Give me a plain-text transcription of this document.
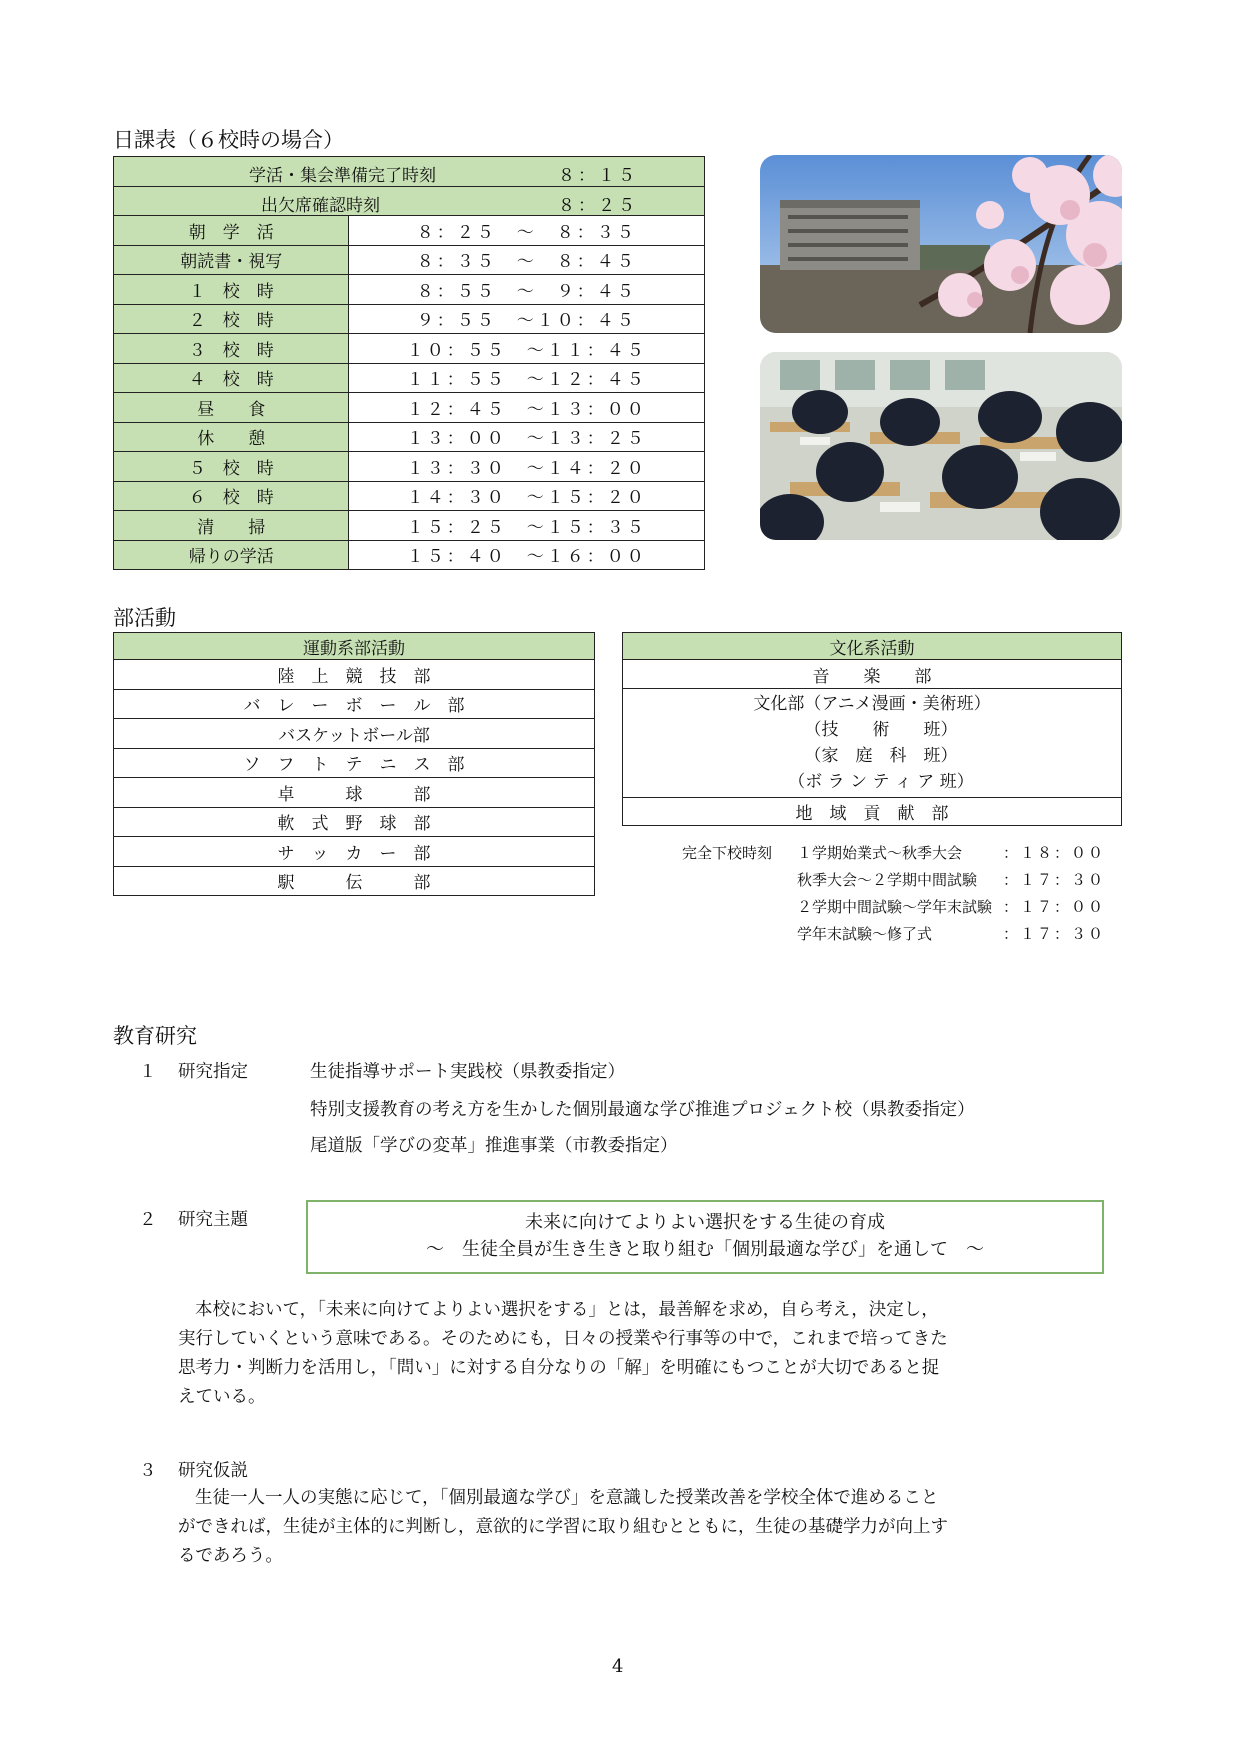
日課表（６校時の場合）
学活・集会準備完了時刻 ８：１５	

出欠席確認時刻 ８：２５	

朝　学　活	８：２５　～　８：３５
朝読書・視写	８：３５　～　８：４５
１　校　時	８：５５　～　９：４５
２　校　時	９：５５　～１０：４５
３　校　時	１０：５５　～１１：４５
４　校　時	１１：５５　～１２：４５
昼　　食	１２：４５　～１３：００
休　　憩	１３：００　～１３：２５
５　校　時	１３：３０　～１４：２０
６　校　時	１４：３０　～１５：２０
清　　掃	１５：２５　～１５：３５
帰りの学活	１５：４０　～１６：００
部活動
運動系部活動
陸　上　競　技　部
バ　レ　ー　ボ　ー　ル　部
バスケットボール部
ソ　フ　ト　テ　ニ　ス　部
卓　　　球　　　部
軟　式　野　球　部
サ　ッ　カ　ー　部
駅　　　伝　　　部
文化系活動
音　　楽　　部

文化部（アニメ漫画・美術班）
（技　　術　　班）
（家　庭　科　班）
（ボ ラ ン テ ィ ア 班）

地　域　貢　献　部
完全下校時刻 １学期始業式～秋季大会	：１８：００
秋季大会～２学期中間試験 ：１７：３０
２学期中間試験～学年末試験 ：１７：００
学年末試験～修了式	：１７：３０
教育研究
１ 研究指定	生徒指導サポート実践校（県教委指定）
特別支援教育の考え方を生かした個別最適な学び推進プロジェクト校（県教委指定）
尾道版「学びの変革」推進事業（市教委指定）
２ 研究主題	未来に向けてよりよい選択をする生徒の育成
～　生徒全員が生き生きと取り組む「個別最適な学び」を通して　～
本校において，「未来に向けてよりよい選択をする」とは，最善解を求め，自ら考え，決定し，
実行していくという意味である。そのためにも，日々の授業や行事等の中で，これまで培ってきた
思考力・判断力を活用し，「問い」に対する自分なりの「解」を明確にもつことが大切であると捉
えている。
３ 研究仮説
生徒一人一人の実態に応じて，「個別最適な学び」を意識した授業改善を学校全体で進めること
ができれば，生徒が主体的に判断し，意欲的に学習に取り組むとともに，生徒の基礎学力が向上す
るであろう。
4
